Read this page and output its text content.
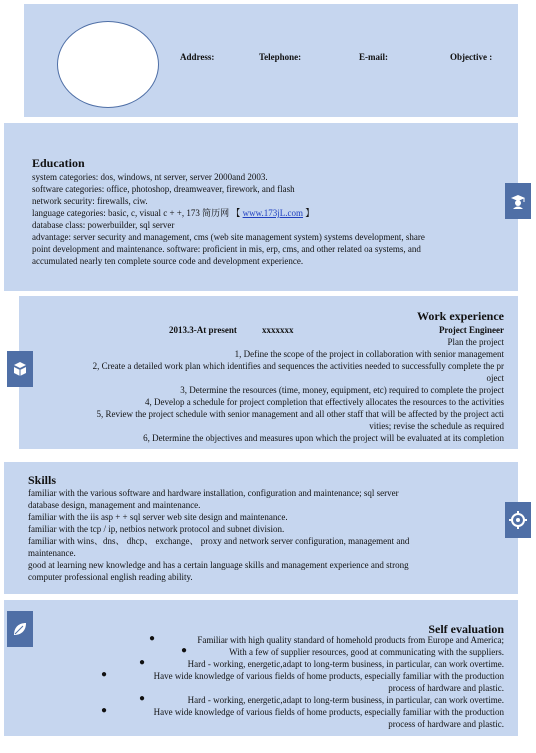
Address:	Telephone:	E-mail:	Objective :
Education
system categories: dos, windows, nt server, server 2000and 2003.
software categories: office, photoshop, dreamweaver, firework, and flash
network security: firewalls, ciw.
language categories: basic, c, visual c + +, 173 简历网 【 www.173jL.com 】
database class: powerbuilder, sql server
advantage: server security and management, cms (web site management system) systems development, share
point development and maintenance. software: proficient in mis, erp, cms, and other related oa systems, and
accumulated nearly ten complete source code and development experience.
Work experience
2013.3-At present	xxxxxxx	Project Engineer
Plan the project
1, Define the scope of the project in collaboration with senior management
2, Create a detailed work plan which identifies and sequences the activities needed to successfully complete the pr
oject
3, Determine the resources (time, money, equipment, etc) required to complete the project
4, Develop a schedule for project completion that effectively allocates the resources to the activities
5, Review the project schedule with senior management and all other staff that will be affected by the project acti
vities; revise the schedule as required
6, Determine the objectives and measures upon which the project will be evaluated at its completion
Skills
familiar with the various software and hardware installation, configuration and maintenance; sql server
database design, management and maintenance.
familiar with the iis asp + + sql server web site design and maintenance.
familiar with the tcp / ip, netbios network protocol and subnet division.
familiar with wins、dns、 dhcp、 exchange、 proxy and network server configuration, management and
maintenance.
good at learning new knowledge and has a certain language skills and management experience and strong
computer professional english reading ability.
Self evaluation
●	Familiar with high quality standard of homehold products from Europe and America;
●	With a few of supplier resources, good at communicating with the suppliers.
●	Hard - working, energetic,adapt to long-term business, in particular, can work overtime.
●	Have wide knowledge of various fields of home products, especially familiar with the production
process of hardware and plastic.
●	Hard - working, energetic,adapt to long-term business, in particular, can work overtime.
●	Have wide knowledge of various fields of home products, especially familiar with the production
process of hardware and plastic.
